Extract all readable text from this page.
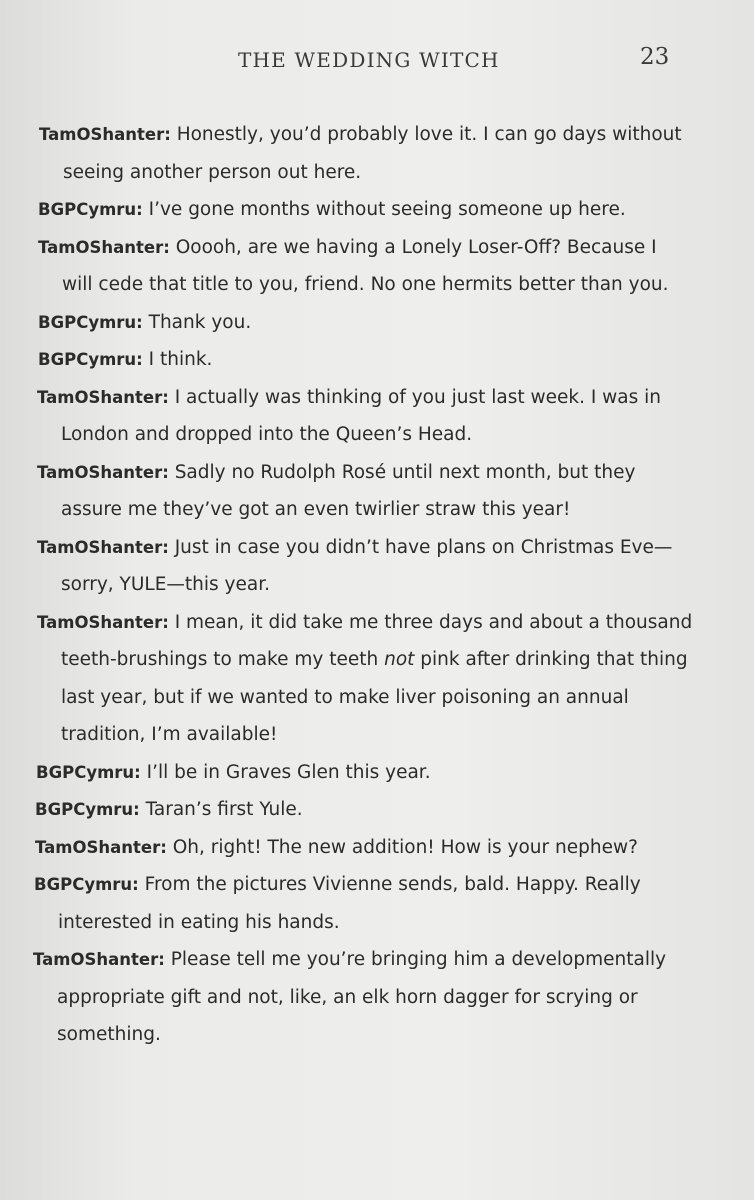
THE WEDDING WITCH	23
TamOShanter: Honestly, you’d probably love it. I can go days without seeing another person out here.
BGPCymru: I’ve gone months without seeing someone up here.
TamOShanter: Ooooh, are we having a Lonely Loser-Off? Because I will cede that title to you, friend. No one hermits better than you.
BGPCymru: Thank you.
BGPCymru: I think.
TamOShanter: I actually was thinking of you just last week. I was in London and dropped into the Queen’s Head.
TamOShanter: Sadly no Rudolph Rosé until next month, but they assure me they’ve got an even twirlier straw this year!
TamOShanter: Just in case you didn’t have plans on Christmas Eve—sorry, YULE—this year.
TamOShanter: I mean, it did take me three days and about a thousand teeth-brushings to make my teeth not pink after drinking that thing last year, but if we wanted to make liver poisoning an annual tradition, I’m available!
BGPCymru: I’ll be in Graves Glen this year.
BGPCymru: Taran’s first Yule.
TamOShanter: Oh, right! The new addition! How is your nephew?
BGPCymru: From the pictures Vivienne sends, bald. Happy. Really interested in eating his hands.
TamOShanter: Please tell me you’re bringing him a developmentally appropriate gift and not, like, an elk horn dagger for scrying or something.
